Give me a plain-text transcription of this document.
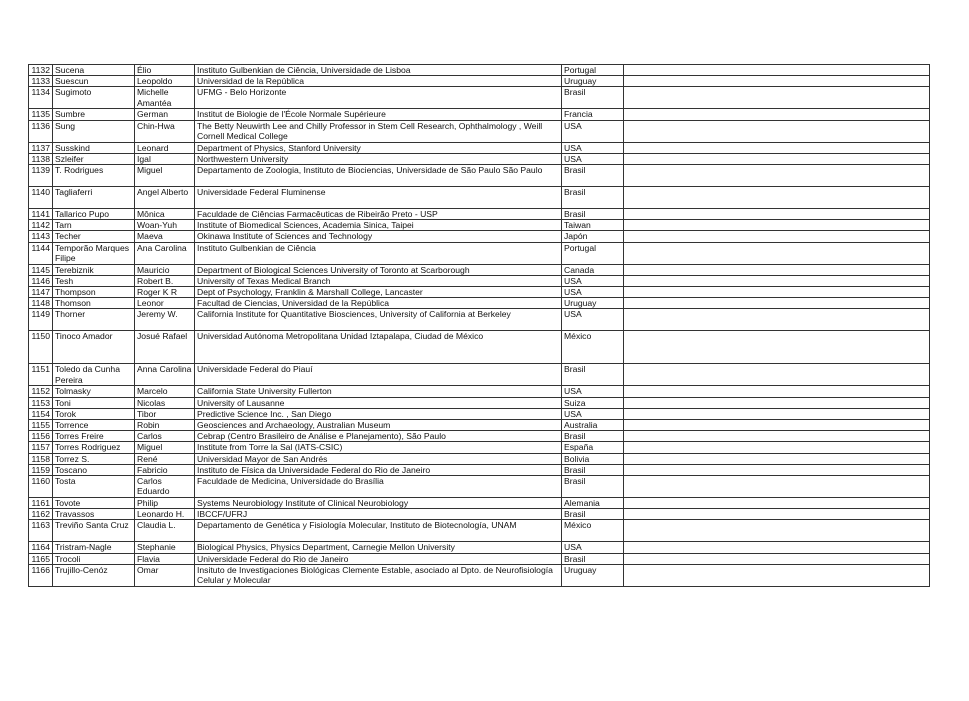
1132	Sucena	Élio	Instituto Gulbenkian de Ciência, Universidade de Lisboa	Portugal	
1133	Suescun	Leopoldo	Universidad de la República	Uruguay	
1134	Sugimoto	Michelle Amantéa	UFMG - Belo Horizonte	Brasil	
1135	Sumbre	German	Institut de Biologie de l'École Normale Supérieure	Francia	
1136	Sung	Chin-Hwa	The Betty Neuwirth Lee and Chilly Professor in Stem Cell Research, Ophthalmology , Weill Cornell Medical College	USA	
1137	Susskind	Leonard	Department of Physics, Stanford University	USA	
1138	Szleifer	Igal	Northwestern University	USA	
1139	T. Rodrigues	Miguel	Departamento de Zoologia, Instituto de Biociencias, Universidade de São Paulo São Paulo	Brasil	
1140	Tagliaferri	Angel Alberto	Universidade Federal Fluminense	Brasil	
1141	Tallarico Pupo	Mônica	Faculdade de Ciências Farmacêuticas de Ribeirão Preto - USP	Brasil	
1142	Tarn	Woan-Yuh	Institute of Biomedical Sciences, Academia Sinica, Taipei	Taiwan	
1143	Techer	Maeva	Okinawa Institute of Sciences and Technology	Japón	
1144	Temporão Marques Filipe	Ana Carolina	Instituto Gulbenkian de Ciência	Portugal	
1145	Terebiznik	Mauricio	Department of Biological Sciences University of Toronto at Scarborough	Canada	
1146	Tesh	Robert B.	University of Texas Medical Branch	USA	
1147	Thompson	Roger K R	Dept of Psychology, Franklin & Marshall College, Lancaster	USA	
1148	Thomson	Leonor	Facultad de Ciencias, Universidad de la República	Uruguay	
1149	Thorner	Jeremy W.	California Institute for Quantitative Biosciences, University of California at Berkeley	USA	
1150	Tinoco Amador	Josué Rafael	Universidad Autónoma Metropolitana Unidad Iztapalapa, Ciudad de México	México	
1151	Toledo da Cunha Pereira	Anna Carolina	Universidade Federal do Piauí	Brasil	
1152	Tolmasky	Marcelo	California State University Fullerton	USA	
1153	Toni	Nicolas	University of Lausanne	Suiza	
1154	Torok	Tibor	Predictive Science Inc. , San Diego	USA	
1155	Torrence	Robin	Geosciences and Archaeology, Australian Museum	Australia	
1156	Torres Freire	Carlos	Cebrap (Centro Brasileiro de Análise e Planejamento), São Paulo	Brasil	
1157	Torres Rodriguez	Miguel	Institute from Torre la Sal (IATS-CSIC)	España	
1158	Torrez S.	René	Universidad Mayor de San Andrés	Bolivia	
1159	Toscano	Fabricio	Instituto de Física da Universidade Federal do Rio de Janeiro	Brasil	
1160	Tosta	Carlos Eduardo	Faculdade de Medicina, Universidade do Brasília	Brasil	
1161	Tovote	Philip	Systems Neurobiology Institute of Clinical Neurobiology	Alemania	
1162	Travassos	Leonardo H.	IBCCF/UFRJ	Brasil	
1163	Treviño Santa Cruz	Claudia L.	Departamento de Genética y Fisiología Molecular, Instituto de Biotecnología, UNAM	México	
1164	Tristram-Nagle	Stephanie	Biological Physics, Physics Department, Carnegie Mellon University	USA	
1165	Trocoli	Flavia	Universidade Federal do Rio de Janeiro	Brasil	
1166	Trujillo-Cenóz	Omar	Insituto de Investigaciones Biológicas Clemente Estable, asociado al Dpto. de Neurofisiología Celular y Molecular	Uruguay	
